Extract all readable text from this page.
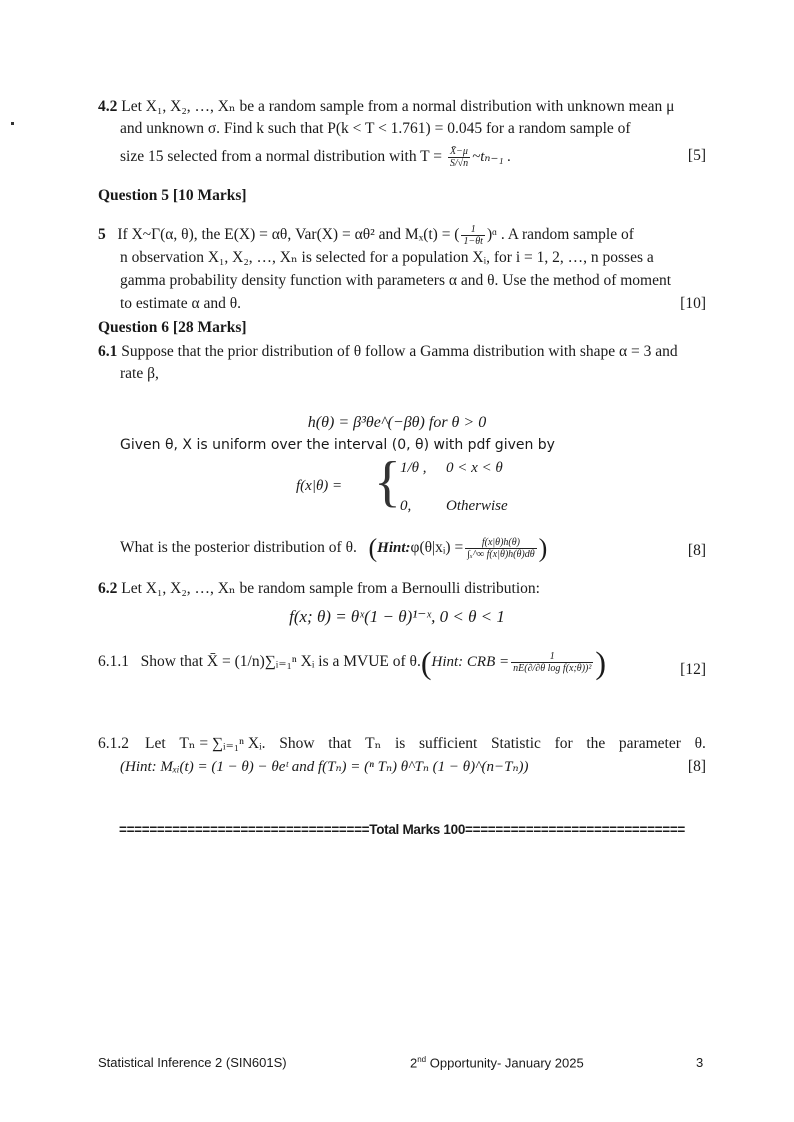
4.2 Let X₁, X₂, …, Xₙ be a random sample from a normal distribution with unknown mean μ
and unknown σ. Find k such that P(k < T < 1.761) = 0.045 for a random sample of
size 15 selected from a normal distribution with $T = \frac{X̄-\mu}{S/√n}$ ~tₙ₋₁ .	[5]
Question 5 [10 Marks]
5 If X~Γ(α, θ), the E(X) = αθ, Var(X) = αθ² and Mₓ(t) = ( $\frac{1}{1-\theta t}$ )ᵅ . A random sample of
n observation X₁, X₂, …, Xₙ is selected for a population Xᵢ, for i = 1, 2, …, n posses a
gamma probability density function with parameters α and θ. Use the method of moment
to estimate α and θ.	[10]
Question 6 [28 Marks]
6.1 Suppose that the prior distribution of θ follow a Gamma distribution with shape α = 3 and
rate β,
h(θ) = β³θe^(−βθ) for θ > 0
Given θ, X is uniform over the interval (0, θ) with pdf given by
f(x|θ) = { 1/θ , 0 < x < θ
0, Otherwise
What is the posterior distribution of θ. (Hint:φ(θ|xᵢ) = $\frac{f(x|\theta)h(\theta)}{\text{∫ₓ\textasciicircum{}∞ f(x|θ)h(θ)dθ}}$ )	[8]
6.2 Let X₁, X₂, …, Xₙ be random sample from a Bernoulli distribution:
f(x; θ) = θˣ(1 − θ)¹⁻ˣ, 0 < θ < 1
6.1.1 Show that X̄ = (1/n)∑ᵢ₌₁ⁿ Xᵢ is a MVUE of θ.(Hint: CRB = $\frac{1}{\text{nE(∂/∂θ log f(x;θ))²}}$ )	[12]
6.1.2 Let Tₙ = ∑ᵢ₌₁ⁿ Xᵢ. Show that Tₙ is sufficient Statistic for the parameter θ.
(Hint: Mₓᵢ(t) = (1 − θ) − θeᵗ and f(Tₙ) = (ⁿ Tₙ) θ^Tₙ (1 − θ)^(n−Tₙ))	[8]
=================================Total Marks 100=============================
Statistical Inference 2 (SIN601S)	2nd Opportunity- January 2025	3
